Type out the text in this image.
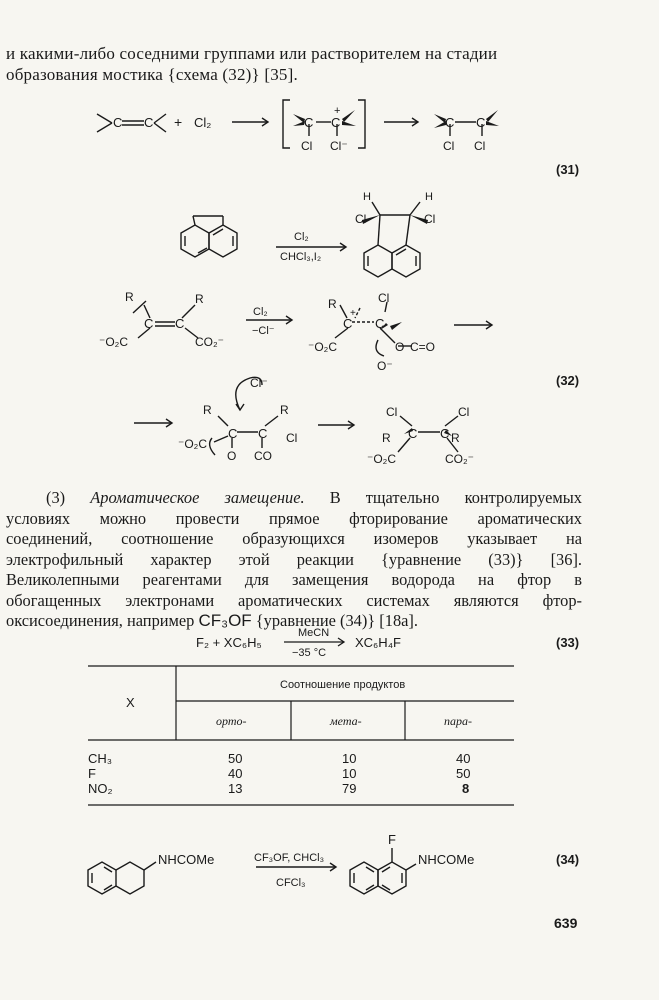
и какими-либо соседними группами или растворителем на стадии
образования мостика {схема (32)} [35].
C C + Cl₂	C C
+
Cl Cl⁻
C C
Cl Cl
(31)
Cl	Cl
H	H
Cl₂
CHCl₃,I₂
R	R
C C
⁻O₂C	CO₂⁻
Cl₂
−Cl⁻
R	Cl
C
+
C
⁻O₂C	O C=O
O⁻
Cl⁻
R	R
C C Cl
⁻O₂C
O CO
Cl	Cl
R	R
C C
⁻O₂C	CO₂⁻
(32)
(3) Ароматическое замещение. В тщательно контролируемых
условиях можно провести прямое фторирование ароматических
соединений, соотношение образующихся изомеров указывает на
электрофильный характер этой реакции {уравнение (33)} [36].
Великолепными реагентами для замещения водорода на фтор в
обогащенных электронами ароматических системах являются фтор-
оксисоединения, например CF₃OF {уравнение (34)} [18a].
F₂ + XC₆H₅
MeCN
−35 °C
XC₆H₄F	(33)
X
Соотношение продуктов
орто-	мета-	пара-
CH₃	50	10	40
F	40	10	50
NO₂	13	79	8
NHCOMe	CF₃OF, CHCl₃
CFCl₃
F
NHCOMe	(34)
639
